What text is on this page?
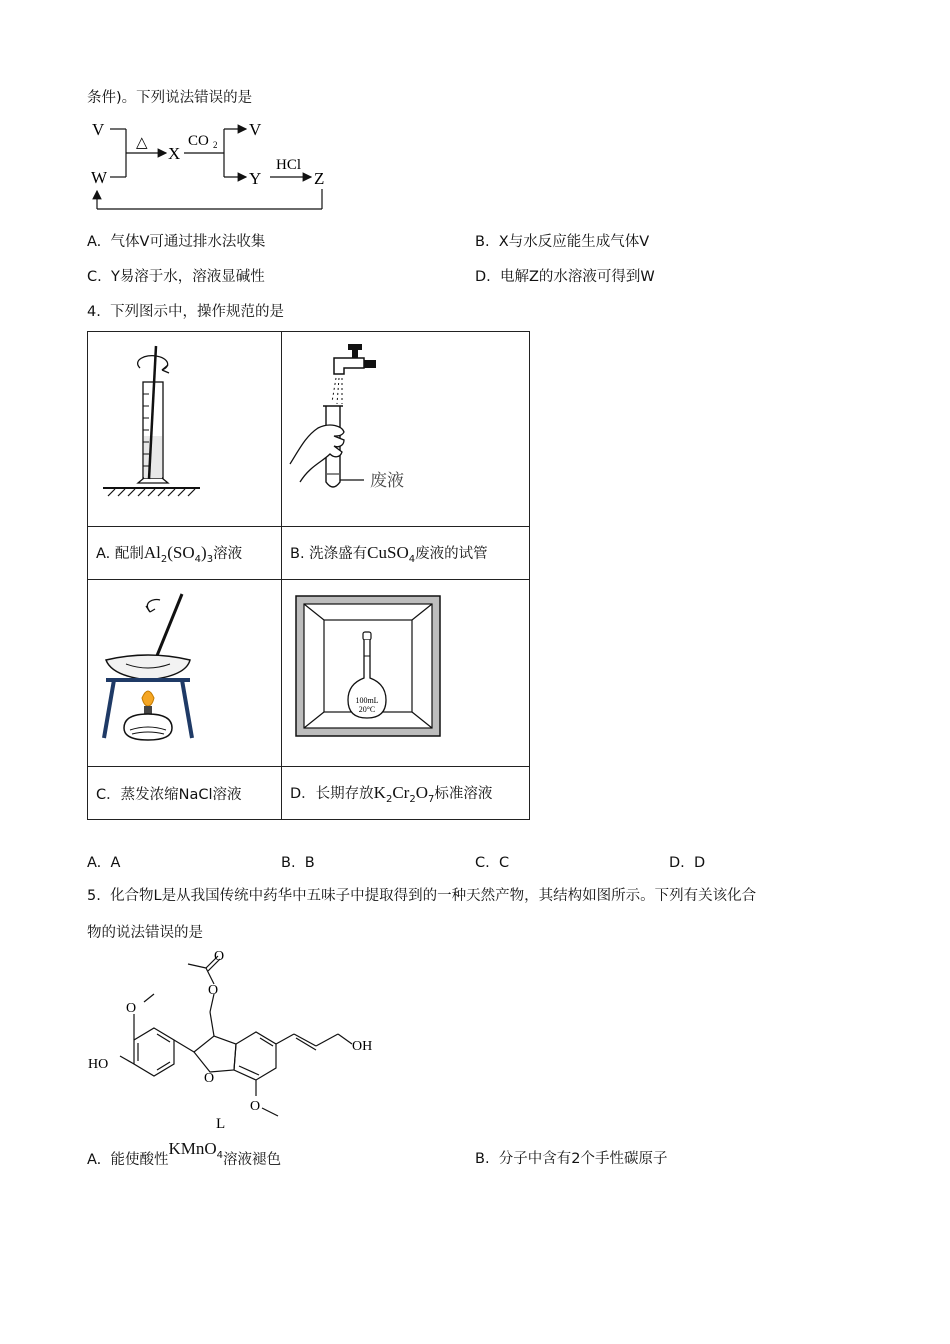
条件)。下列说法错误的是
V
W
△
X
CO 2
V
Y
HCl
Z
A. 气体V可通过排水法收集	B. X与水反应能生成气体V
C. Y易溶于水，溶液显碱性	D. 电解Z的水溶液可得到W
4. 下列图示中，操作规范的是

废液

A. 配制$Al_2(SO_4)_3$溶液	B. 洗涤盛有CuSO$_4$废液的试管

100mL
20°C

C．蒸发浓缩NaCl溶液	D．长期存放$K_2Cr_2O_7$标准溶液
A. A	B. B	C. C	D. D
5. 化合物L是从我国传统中药华中五味子中提取得到的一种天然产物，其结构如图所示。下列有关该化合
物的说法错误的是
O
HO
O
O
O
O
OH
L
A. 能使酸性KMnO$_4$溶液褪色	B. 分子中含有2个手性碳原子
